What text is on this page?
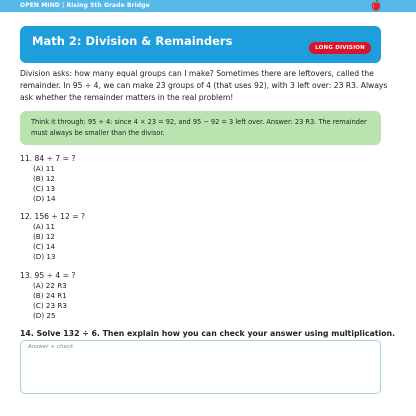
OPEN MIND | Rising 5th Grade Bridge
Math 2: Division & Remainders	LONG DIVISION

Division asks: how many equal groups can I make? Sometimes there are leftovers, called the remainder. In 95 ÷ 4, we can make 23 groups of 4 (that uses 92), with 3 left over: 23 R3. Always ask whether the remainder matters in the real problem!

Think it through: 95 ÷ 4: since 4 × 23 = 92, and 95 − 92 = 3 left over. Answer: 23 R3. The remainder must always be smaller than the divisor.
11. 84 ÷ 7 = ?
(A) 11
(B) 12
(C) 13
(D) 14
12. 156 ÷ 12 = ?
(A) 11
(B) 12
(C) 14
(D) 13
13. 95 ÷ 4 = ?
(A) 22 R3
(B) 24 R1
(C) 23 R3
(D) 25
14. Solve 132 ÷ 6. Then explain how you can check your answer using multiplication.
Answer + check
